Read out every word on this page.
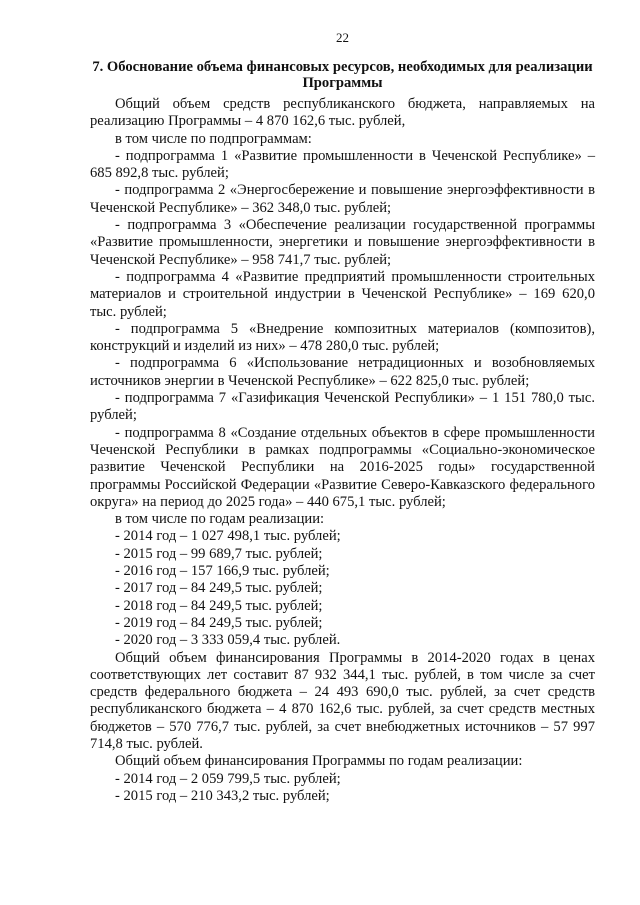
22
7. Обоснование объема финансовых ресурсов, необходимых для реализации Программы

Общий объем средств республиканского бюджета, направляемых на реализацию Программы – 4 870 162,6 тыс. рублей,

в том числе по подпрограммам:

- подпрограмма 1 «Развитие промышленности в Чеченской Республике» – 685 892,8 тыс. рублей;

- подпрограмма 2 «Энергосбережение и повышение энергоэффективности в Чеченской Республике» – 362 348,0 тыс. рублей;

- подпрограмма 3 «Обеспечение реализации государственной программы «Развитие промышленности, энергетики и повышение энергоэффективности в Чеченской Республике» – 958 741,7 тыс. рублей;

- подпрограмма 4 «Развитие предприятий промышленности строительных материалов и строительной индустрии в Чеченской Республике» – 169 620,0 тыс. рублей;

- подпрограмма 5 «Внедрение композитных материалов (композитов), конструкций и изделий из них» – 478 280,0 тыс. рублей;

- подпрограмма 6 «Использование нетрадиционных и возобновляемых источников энергии в Чеченской Республике» – 622 825,0 тыс. рублей;

- подпрограмма 7 «Газификация Чеченской Республики» – 1 151 780,0 тыс. рублей;

- подпрограмма 8 «Создание отдельных объектов в сфере промышленности Чеченской Республики в рамках подпрограммы «Социально-экономическое развитие Чеченской Республики на 2016-2025 годы» государственной программы Российской Федерации «Развитие Северо-Кавказского федерального округа» на период до 2025 года» – 440 675,1 тыс. рублей;

в том числе по годам реализации:

- 2014 год – 1 027 498,1 тыс. рублей;

- 2015 год – 99 689,7 тыс. рублей;

- 2016 год – 157 166,9 тыс. рублей;

- 2017 год – 84 249,5 тыс. рублей;

- 2018 год – 84 249,5 тыс. рублей;

- 2019 год – 84 249,5 тыс. рублей;

- 2020 год – 3 333 059,4 тыс. рублей.

Общий объем финансирования Программы в 2014-2020 годах в ценах соответствующих лет составит 87 932 344,1 тыс. рублей, в том числе за счет средств федерального бюджета – 24 493 690,0 тыс. рублей, за счет средств республиканского бюджета – 4 870 162,6 тыс. рублей, за счет средств местных бюджетов – 570 776,7 тыс. рублей, за счет внебюджетных источников – 57 997 714,8 тыс. рублей.

Общий объем финансирования Программы по годам реализации:

- 2014 год – 2 059 799,5 тыс. рублей;

- 2015 год – 210 343,2 тыс. рублей;
